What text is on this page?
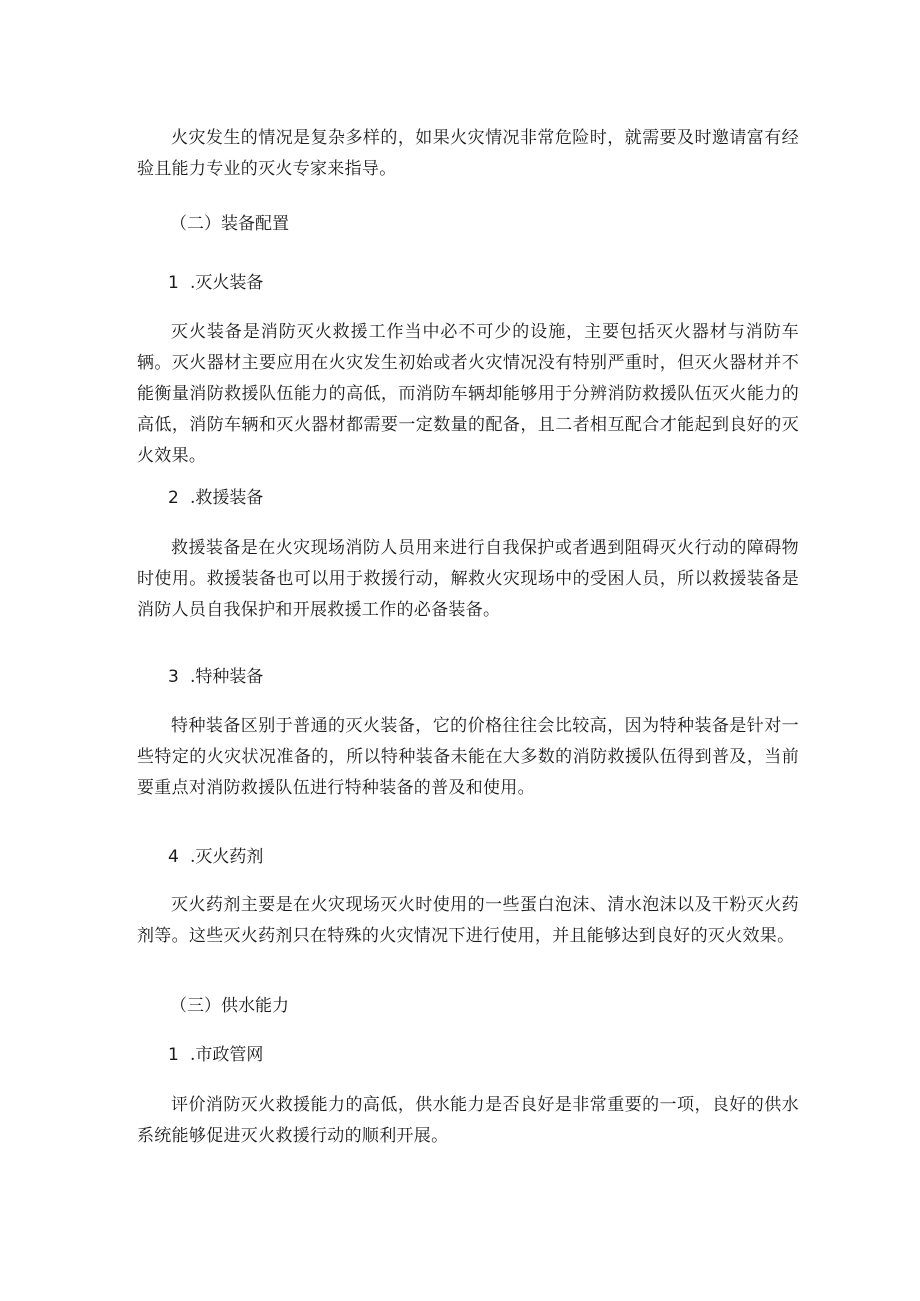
火灾发生的情况是复杂多样的，如果火灾情况非常危险时，就需要及时邀请富有经验且能力专业的灭火专家来指导。

（二）装备配置

1 .灭火装备

灭火装备是消防灭火救援工作当中必不可少的设施，主要包括灭火器材与消防车辆。灭火器材主要应用在火灾发生初始或者火灾情况没有特别严重时，但灭火器材并不能衡量消防救援队伍能力的高低，而消防车辆却能够用于分辨消防救援队伍灭火能力的高低，消防车辆和灭火器材都需要一定数量的配备，且二者相互配合才能起到良好的灭火效果。

2 .救援装备

救援装备是在火灾现场消防人员用来进行自我保护或者遇到阻碍灭火行动的障碍物时使用。救援装备也可以用于救援行动，解救火灾现场中的受困人员，所以救援装备是消防人员自我保护和开展救援工作的必备装备。

3 .特种装备

特种装备区别于普通的灭火装备，它的价格往往会比较高，因为特种装备是针对一些特定的火灾状况准备的，所以特种装备未能在大多数的消防救援队伍得到普及，当前要重点对消防救援队伍进行特种装备的普及和使用。

4 .灭火药剂

灭火药剂主要是在火灾现场灭火时使用的一些蛋白泡沫、清水泡沫以及干粉灭火药剂等。这些灭火药剂只在特殊的火灾情况下进行使用，并且能够达到良好的灭火效果。

（三）供水能力

1 .市政管网

评价消防灭火救援能力的高低，供水能力是否良好是非常重要的一项，良好的供水系统能够促进灭火救援行动的顺利开展。
